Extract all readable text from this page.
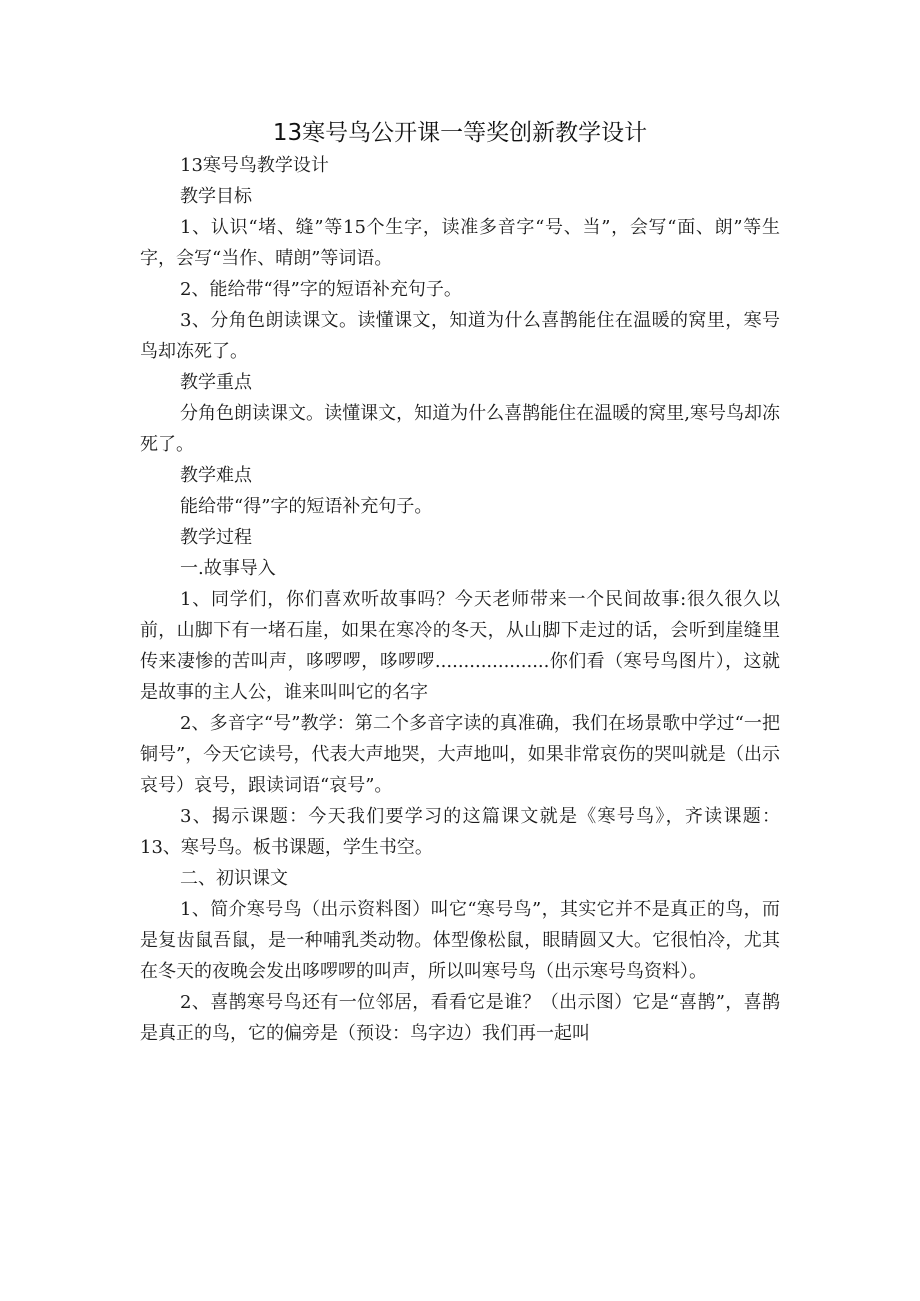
13寒号鸟公开课一等奖创新教学设计

13寒号鸟教学设计

教学目标

1、认识“堵、缝”等15个生字，读准多音字“号、当”，会写“面、朗”等生字，会写“当作、晴朗”等词语。

2、能给带“得”字的短语补充句子。

3、分角色朗读课文。读懂课文，知道为什么喜鹊能住在温暖的窝里，寒号鸟却冻死了。

教学重点

分角色朗读课文。读懂课文，知道为什么喜鹊能住在温暖的窝里,寒号鸟却冻死了。

教学难点

能给带“得”字的短语补充句子。

教学过程

一.故事导入

1、同学们，你们喜欢听故事吗？今天老师带来一个民间故事:很久很久以前，山脚下有一堵石崖，如果在寒冷的冬天，从山脚下走过的话，会听到崖缝里传来凄惨的苦叫声，哆啰啰，哆啰啰....................你们看（寒号鸟图片），这就是故事的主人公，谁来叫叫它的名字

2、多音字“号”教学：第二个多音字读的真准确，我们在场景歌中学过“一把铜号”，今天它读号，代表大声地哭，大声地叫，如果非常哀伤的哭叫就是（出示哀号）哀号，跟读词语“哀号”。

3、揭示课题：今天我们要学习的这篇课文就是《寒号鸟》，齐读课题：13、寒号鸟。板书课题，学生书空。

二、初识课文

1、简介寒号鸟（出示资料图）叫它“寒号鸟”，其实它并不是真正的鸟，而是复齿鼠吾鼠，是一种哺乳类动物。体型像松鼠，眼睛圆又大。它很怕冷，尤其在冬天的夜晚会发出哆啰啰的叫声，所以叫寒号鸟（出示寒号鸟资料）。

2、喜鹊寒号鸟还有一位邻居，看看它是谁？（出示图）它是“喜鹊”，喜鹊是真正的鸟，它的偏旁是（预设：鸟字边）我们再一起叫
